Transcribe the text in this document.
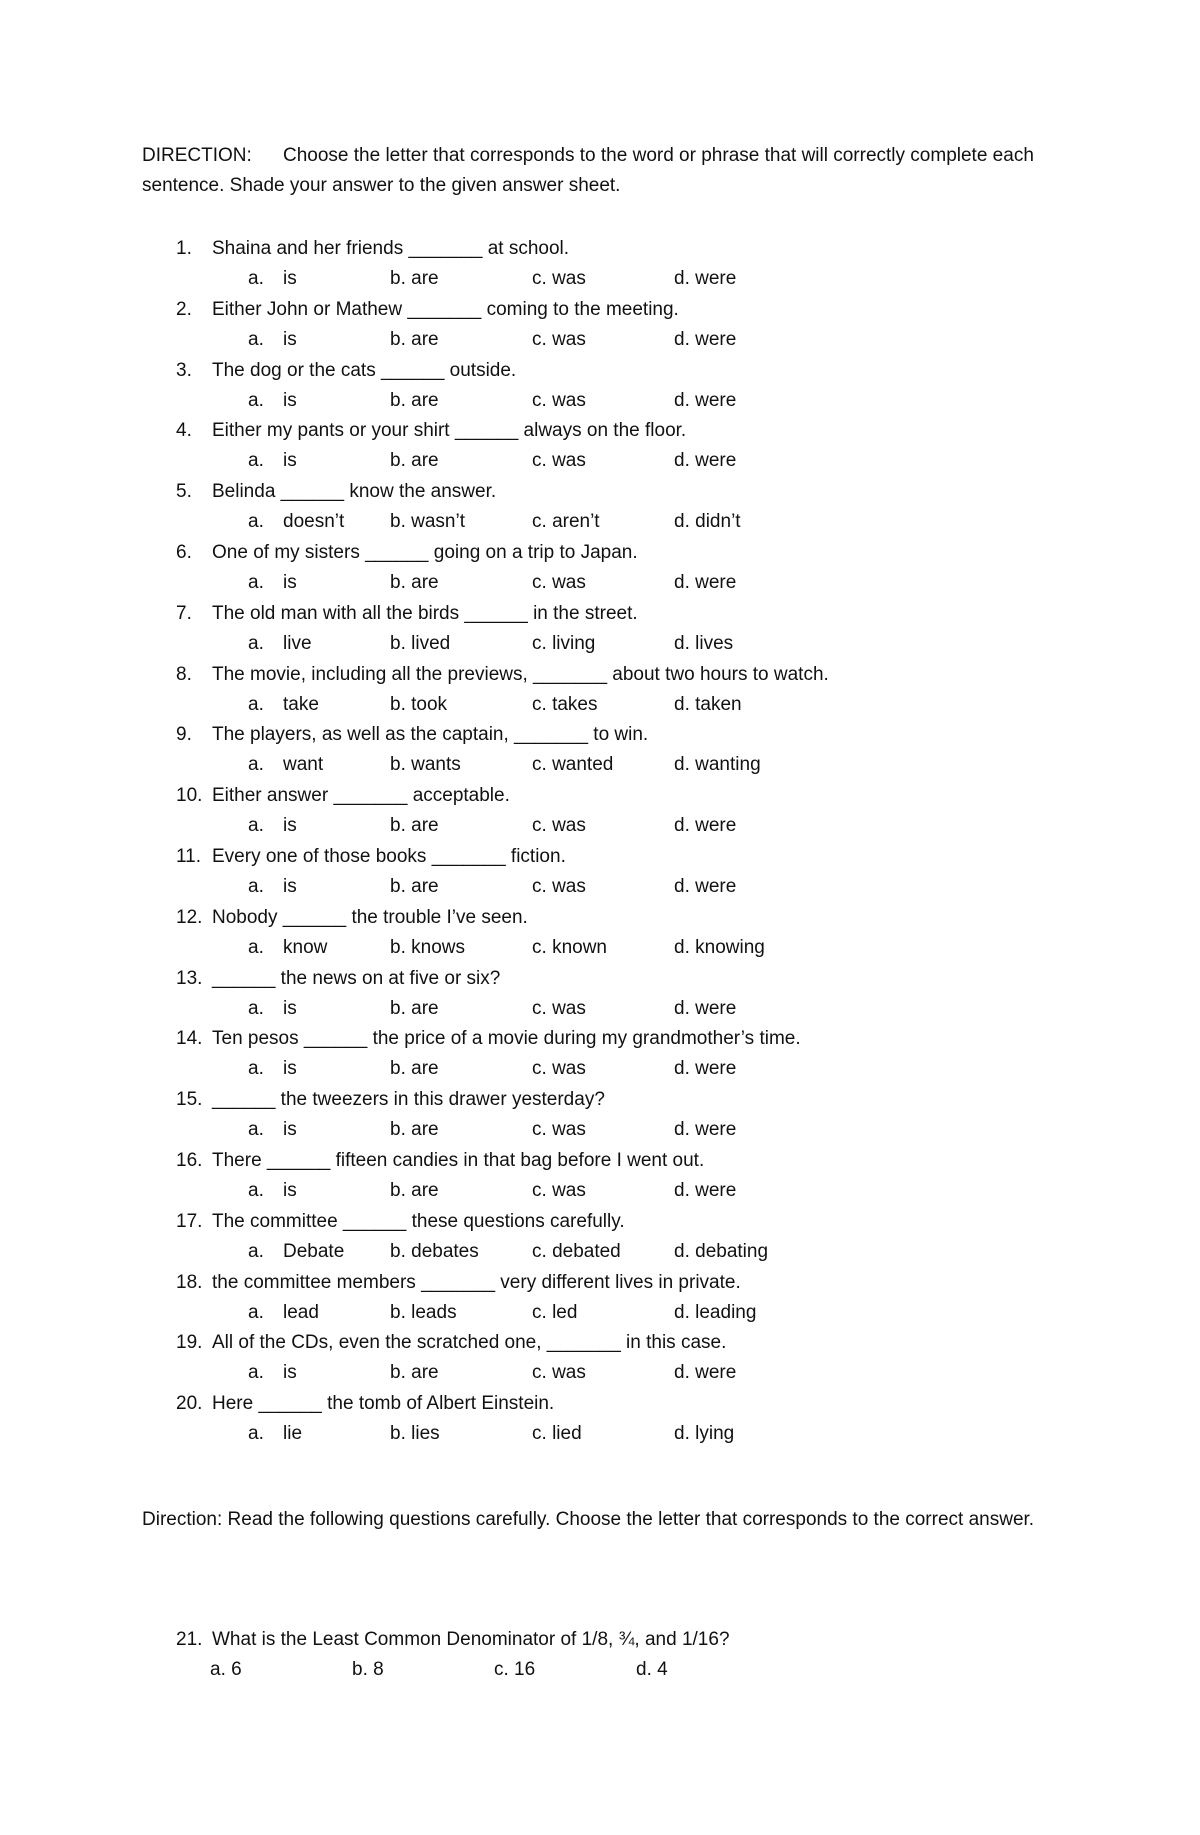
DIRECTION: Choose the letter that corresponds to the word or phrase that will correctly complete each sentence. Shade your answer to the given answer sheet.

1. Shaina and her friends _______ at school.
a. is	b. are	c. was	d. were
2. Either John or Mathew _______ coming to the meeting.
a. is	b. are	c. was	d. were
3. The dog or the cats ______ outside.
a. is	b. are	c. was	d. were
4. Either my pants or your shirt ______ always on the floor.
a. is	b. are	c. was	d. were
5. Belinda ______ know the answer.
a. doesn’t b. wasn’t	c. aren’t	d. didn’t
6. One of my sisters ______ going on a trip to Japan.
a. is	b. are	c. was	d. were
7. The old man with all the birds ______ in the street.
a. live	b. lived	c. living	d. lives
8. The movie, including all the previews, _______ about two hours to watch.
a. take	b. took	c. takes	d. taken
9. The players, as well as the captain, _______ to win.
a. want	b. wants	c. wanted	d. wanting
10. Either answer _______ acceptable.
a. is	b. are	c. was	d. were
11. Every one of those books _______ fiction.
a. is	b. are	c. was	d. were
12. Nobody ______ the trouble I’ve seen.
a. know	b. knows	c. known	d. knowing
13. ______ the news on at five or six?
a. is	b. are	c. was	d. were
14. Ten pesos ______ the price of a movie during my grandmother’s time.
a. is	b. are	c. was	d. were
15. ______ the tweezers in this drawer yesterday?
a. is	b. are	c. was	d. were
16. There ______ fifteen candies in that bag before I went out.
a. is	b. are	c. was	d. were
17. The committee ______ these questions carefully.
a. Debate b. debates	c. debated	d. debating
18. the committee members _______ very different lives in private.
a. lead	b. leads	c. led	d. leading
19. All of the CDs, even the scratched one, _______ in this case.
a. is	b. are	c. was	d. were
20. Here ______ the tomb of Albert Einstein.
a. lie	b. lies	c. lied	d. lying

Direction: Read the following questions carefully. Choose the letter that corresponds to the correct answer.

21. What is the Least Common Denominator of 1/8, ¾, and 1/16?
a. 6	b. 8	c. 16	d. 4
